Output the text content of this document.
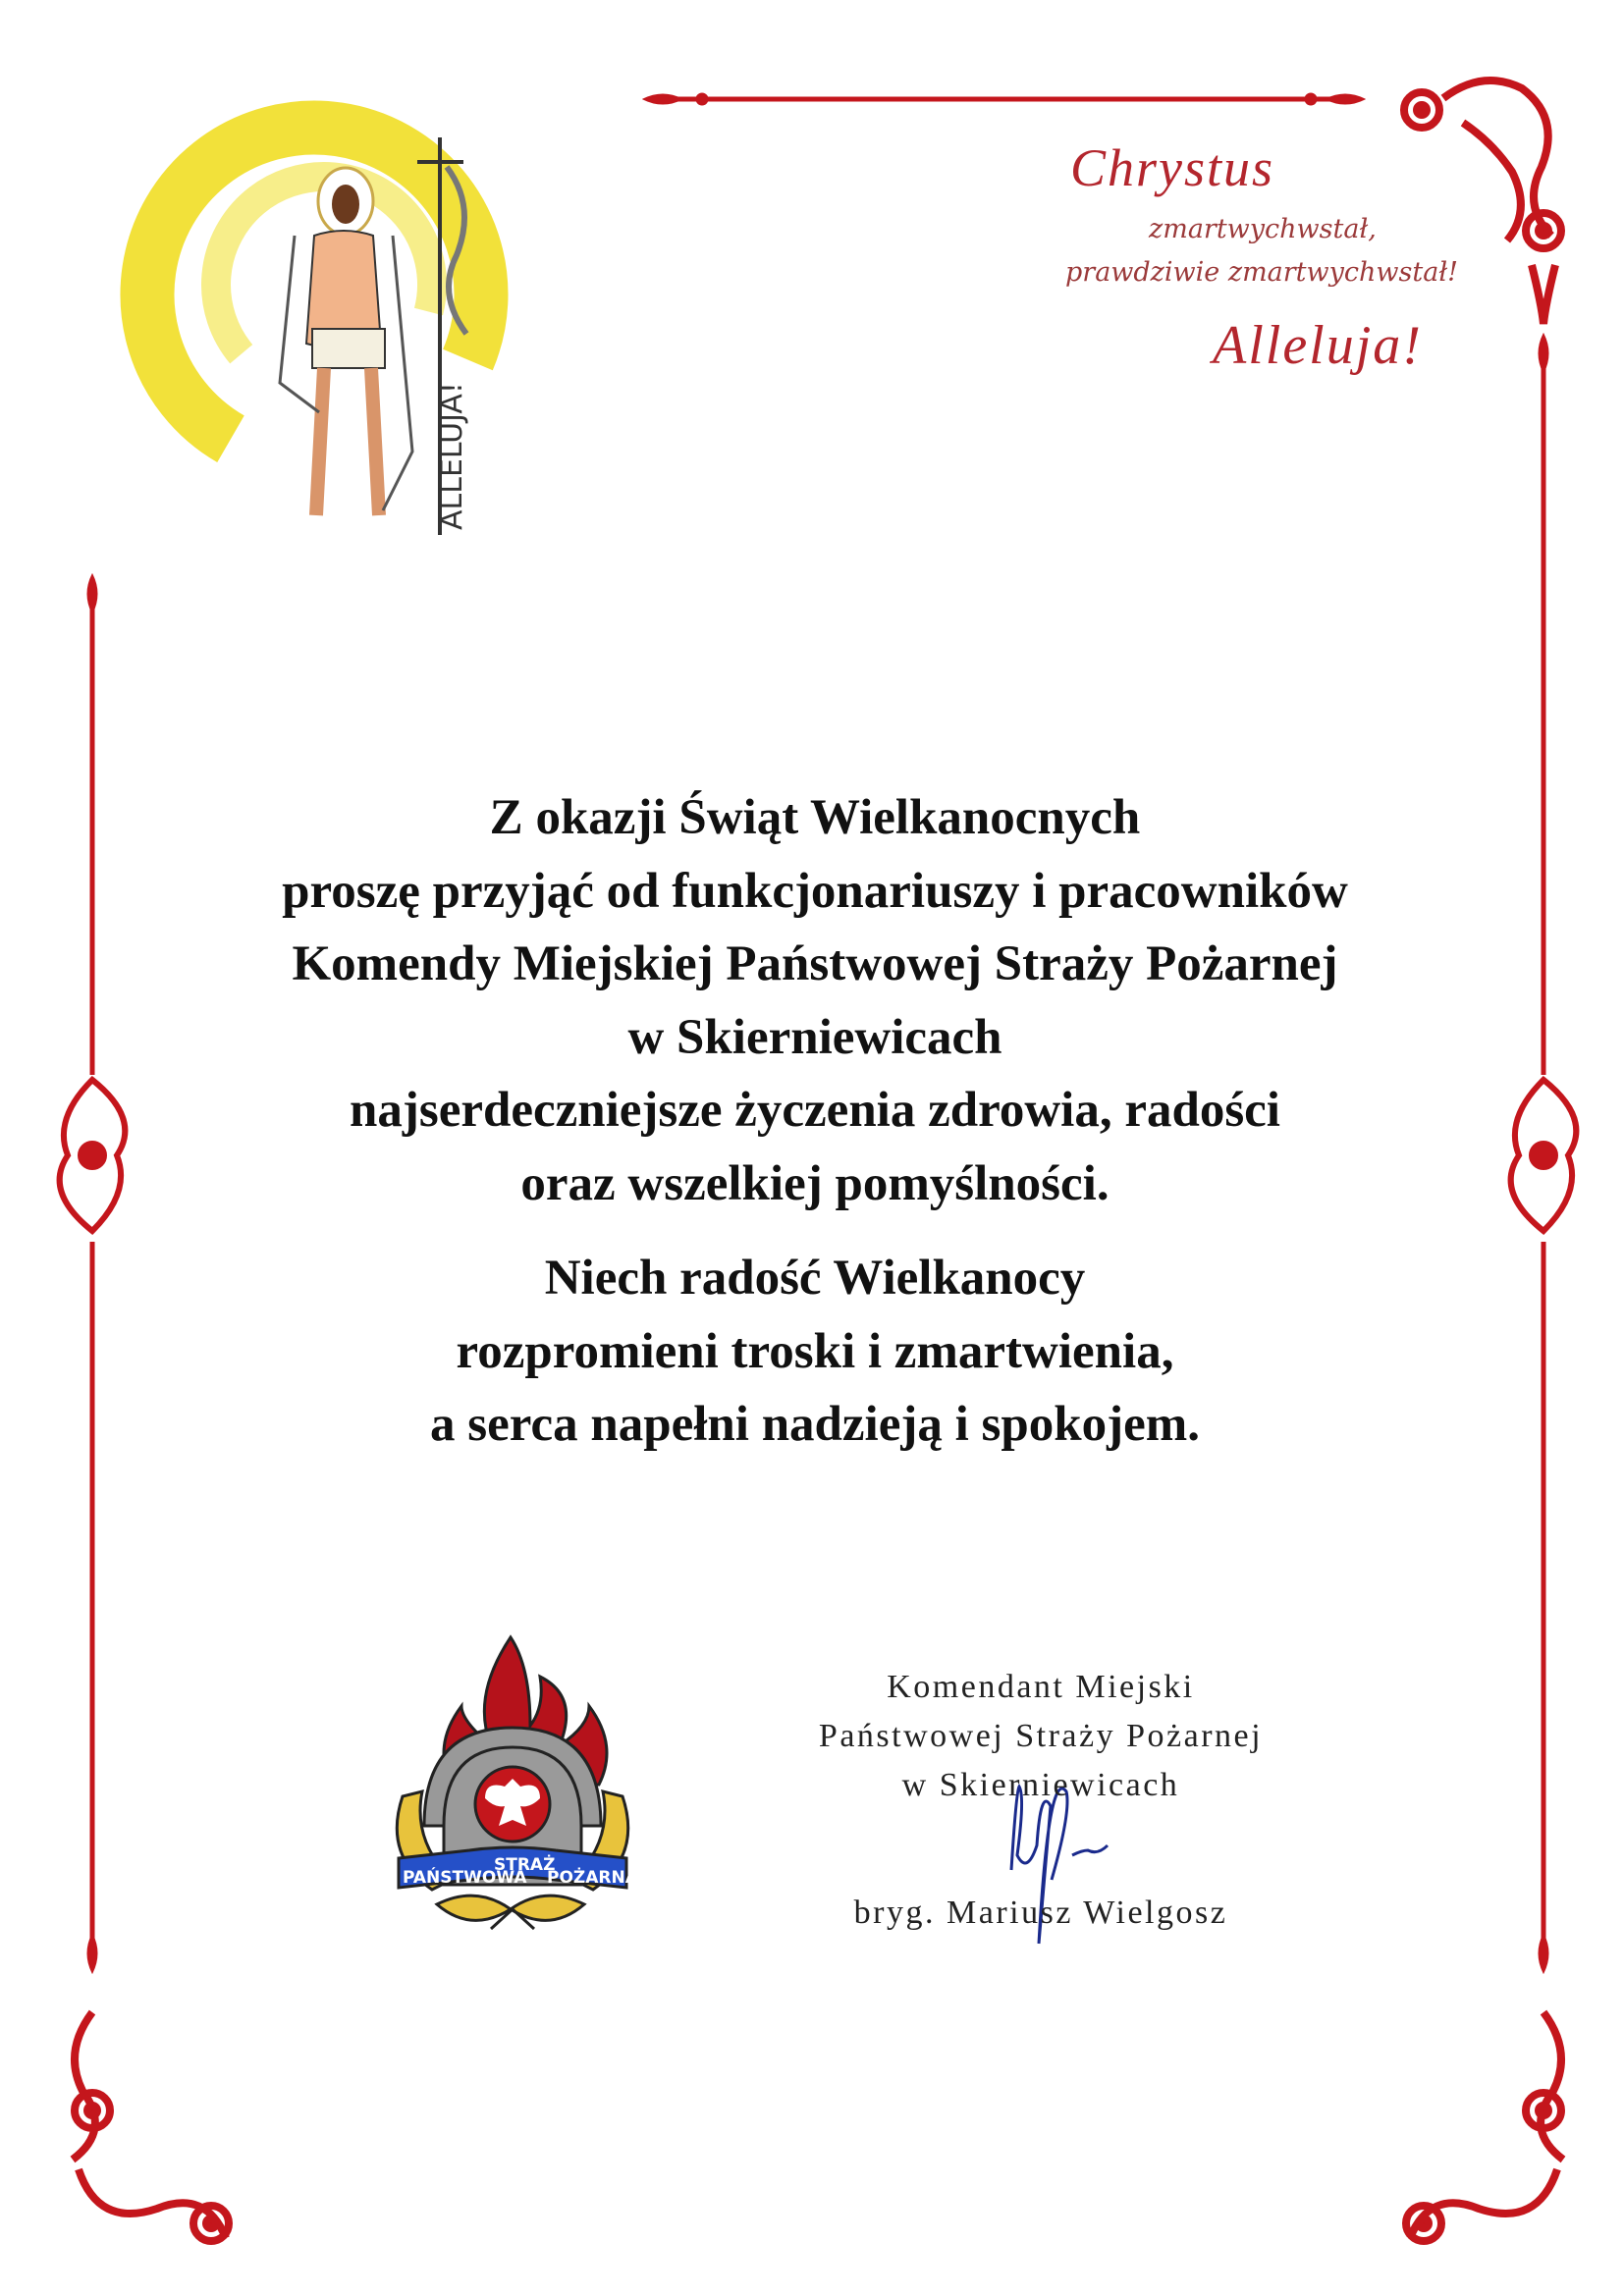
ALLELUJA!
PAŃSTWOWA
STRAŻ
POŻARNA
Chrystus
zmartwychwstał,
prawdziwie zmartwychwstał!
Alleluja!

Z okazji Świąt Wielkanocnych

proszę przyjąć od funkcjonariuszy i pracowników

Komendy Miejskiej Państwowej Straży Pożarnej

w Skierniewicach

najserdeczniejsze życzenia zdrowia, radości

oraz wszelkiej pomyślności.

Niech radość Wielkanocy

rozpromieni troski i zmartwienia,

a serca napełni nadzieją i spokojem.

Komendant Miejski
Państwowej Straży Pożarnej
w Skierniewicach
bryg. Mariusz Wielgosz
